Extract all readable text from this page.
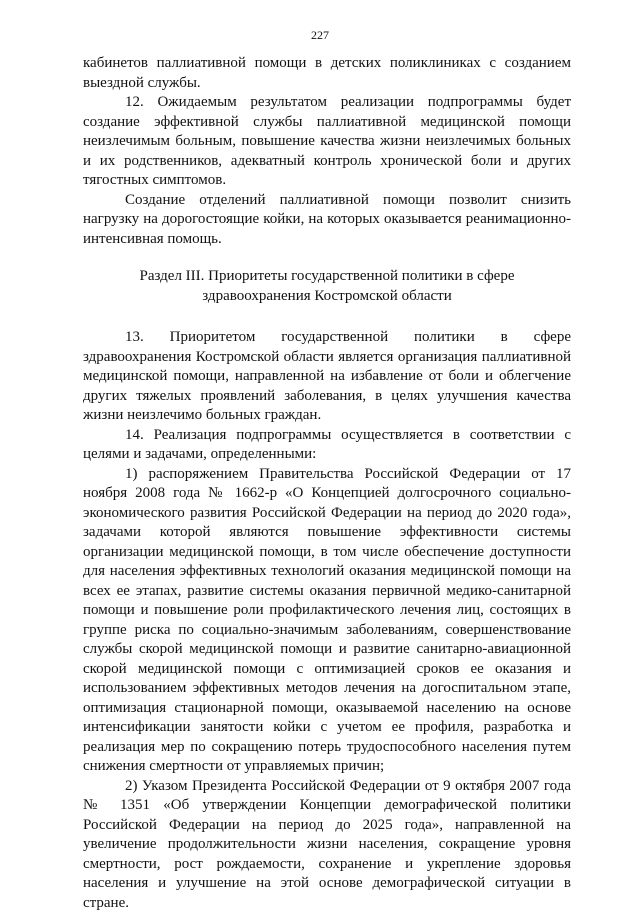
227

кабинетов паллиативной помощи в детских поликлиниках с созданием выездной службы.

12. Ожидаемым результатом реализации подпрограммы будет создание эффективной службы паллиативной медицинской помощи неизлечимым больным, повышение качества жизни неизлечимых больных и их родственников, адекватный контроль хронической боли и других тягостных симптомов.

Создание отделений паллиативной помощи позволит снизить нагрузку на дорогостоящие койки, на которых оказывается реанимационно-интенсивная помощь.

Раздел III. Приоритеты государственной политики в сфере
здравоохранения Костромской области

13. Приоритетом государственной политики в сфере здравоохранения Костромской области является организация паллиативной медицинской помощи, направленной на избавление от боли и облегчение других тяжелых проявлений заболевания, в целях улучшения качества жизни неизлечимо больных граждан.

14. Реализация подпрограммы осуществляется в соответствии с целями и задачами, определенными:

1) распоряжением Правительства Российской Федерации от 17 ноября 2008 года № 1662-р «О Концепцией долгосрочного социально-экономического развития Российской Федерации на период до 2020 года», задачами которой являются повышение эффективности системы организации медицинской помощи, в том числе обеспечение доступности для населения эффективных технологий оказания медицинской помощи на всех ее этапах, развитие системы оказания первичной медико-санитарной помощи и повышение роли профилактического лечения лиц, состоящих в группе риска по социально-значимым заболеваниям, совершенствование службы скорой медицинской помощи и развитие санитарно-авиационной скорой медицинской помощи с оптимизацией сроков ее оказания и использованием эффективных методов лечения на догоспитальном этапе, оптимизация стационарной помощи, оказываемой населению на основе интенсификации занятости койки с учетом ее профиля, разработка и реализация мер по сокращению потерь трудоспособного населения путем снижения смертности от управляемых причин;

2) Указом Президента Российской Федерации от 9 октября 2007 года № 1351 «Об утверждении Концепции демографической политики Российской Федерации на период до 2025 года», направленной на увеличение продолжительности жизни населения, сокращение уровня смертности, рост рождаемости, сохранение и укрепление здоровья населения и улучшение на этой основе демографической ситуации в стране.
